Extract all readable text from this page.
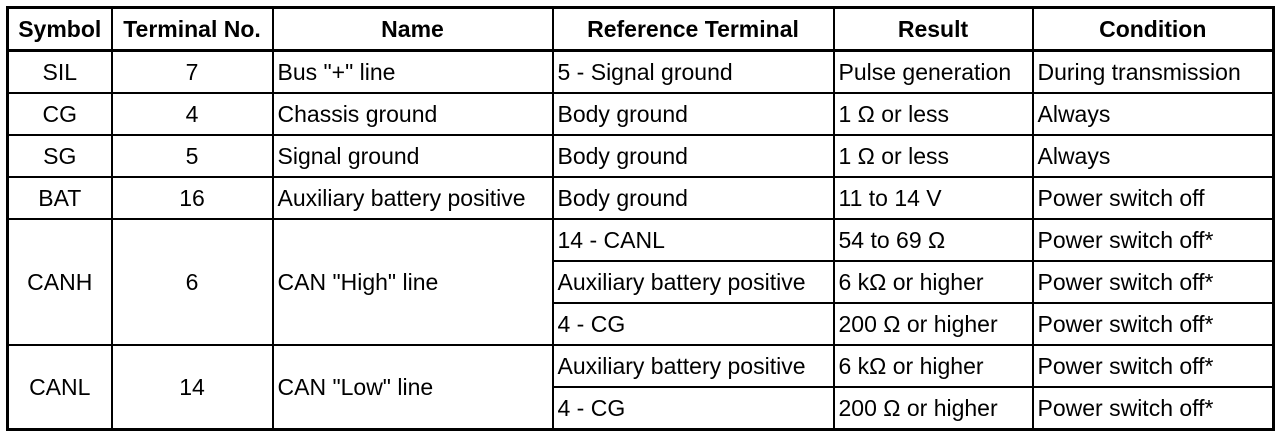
Symbol	Terminal No.	Name	Reference Terminal	Result	Condition
SIL	7	Bus "+" line	5 - Signal ground	Pulse generation	During transmission
CG	4	Chassis ground	Body ground	1 Ω or less	Always
SG	5	Signal ground	Body ground	1 Ω or less	Always
BAT	16	Auxiliary battery positive	Body ground	11 to 14 V	Power switch off
CANH	6	CAN "High" line	14 - CANL	54 to 69 Ω	Power switch off*
			Auxiliary battery positive	6 kΩ or higher	Power switch off*
			4 - CG	200 Ω or higher	Power switch off*
CANL	14	CAN "Low" line	Auxiliary battery positive	6 kΩ or higher	Power switch off*
			4 - CG	200 Ω or higher	Power switch off*
